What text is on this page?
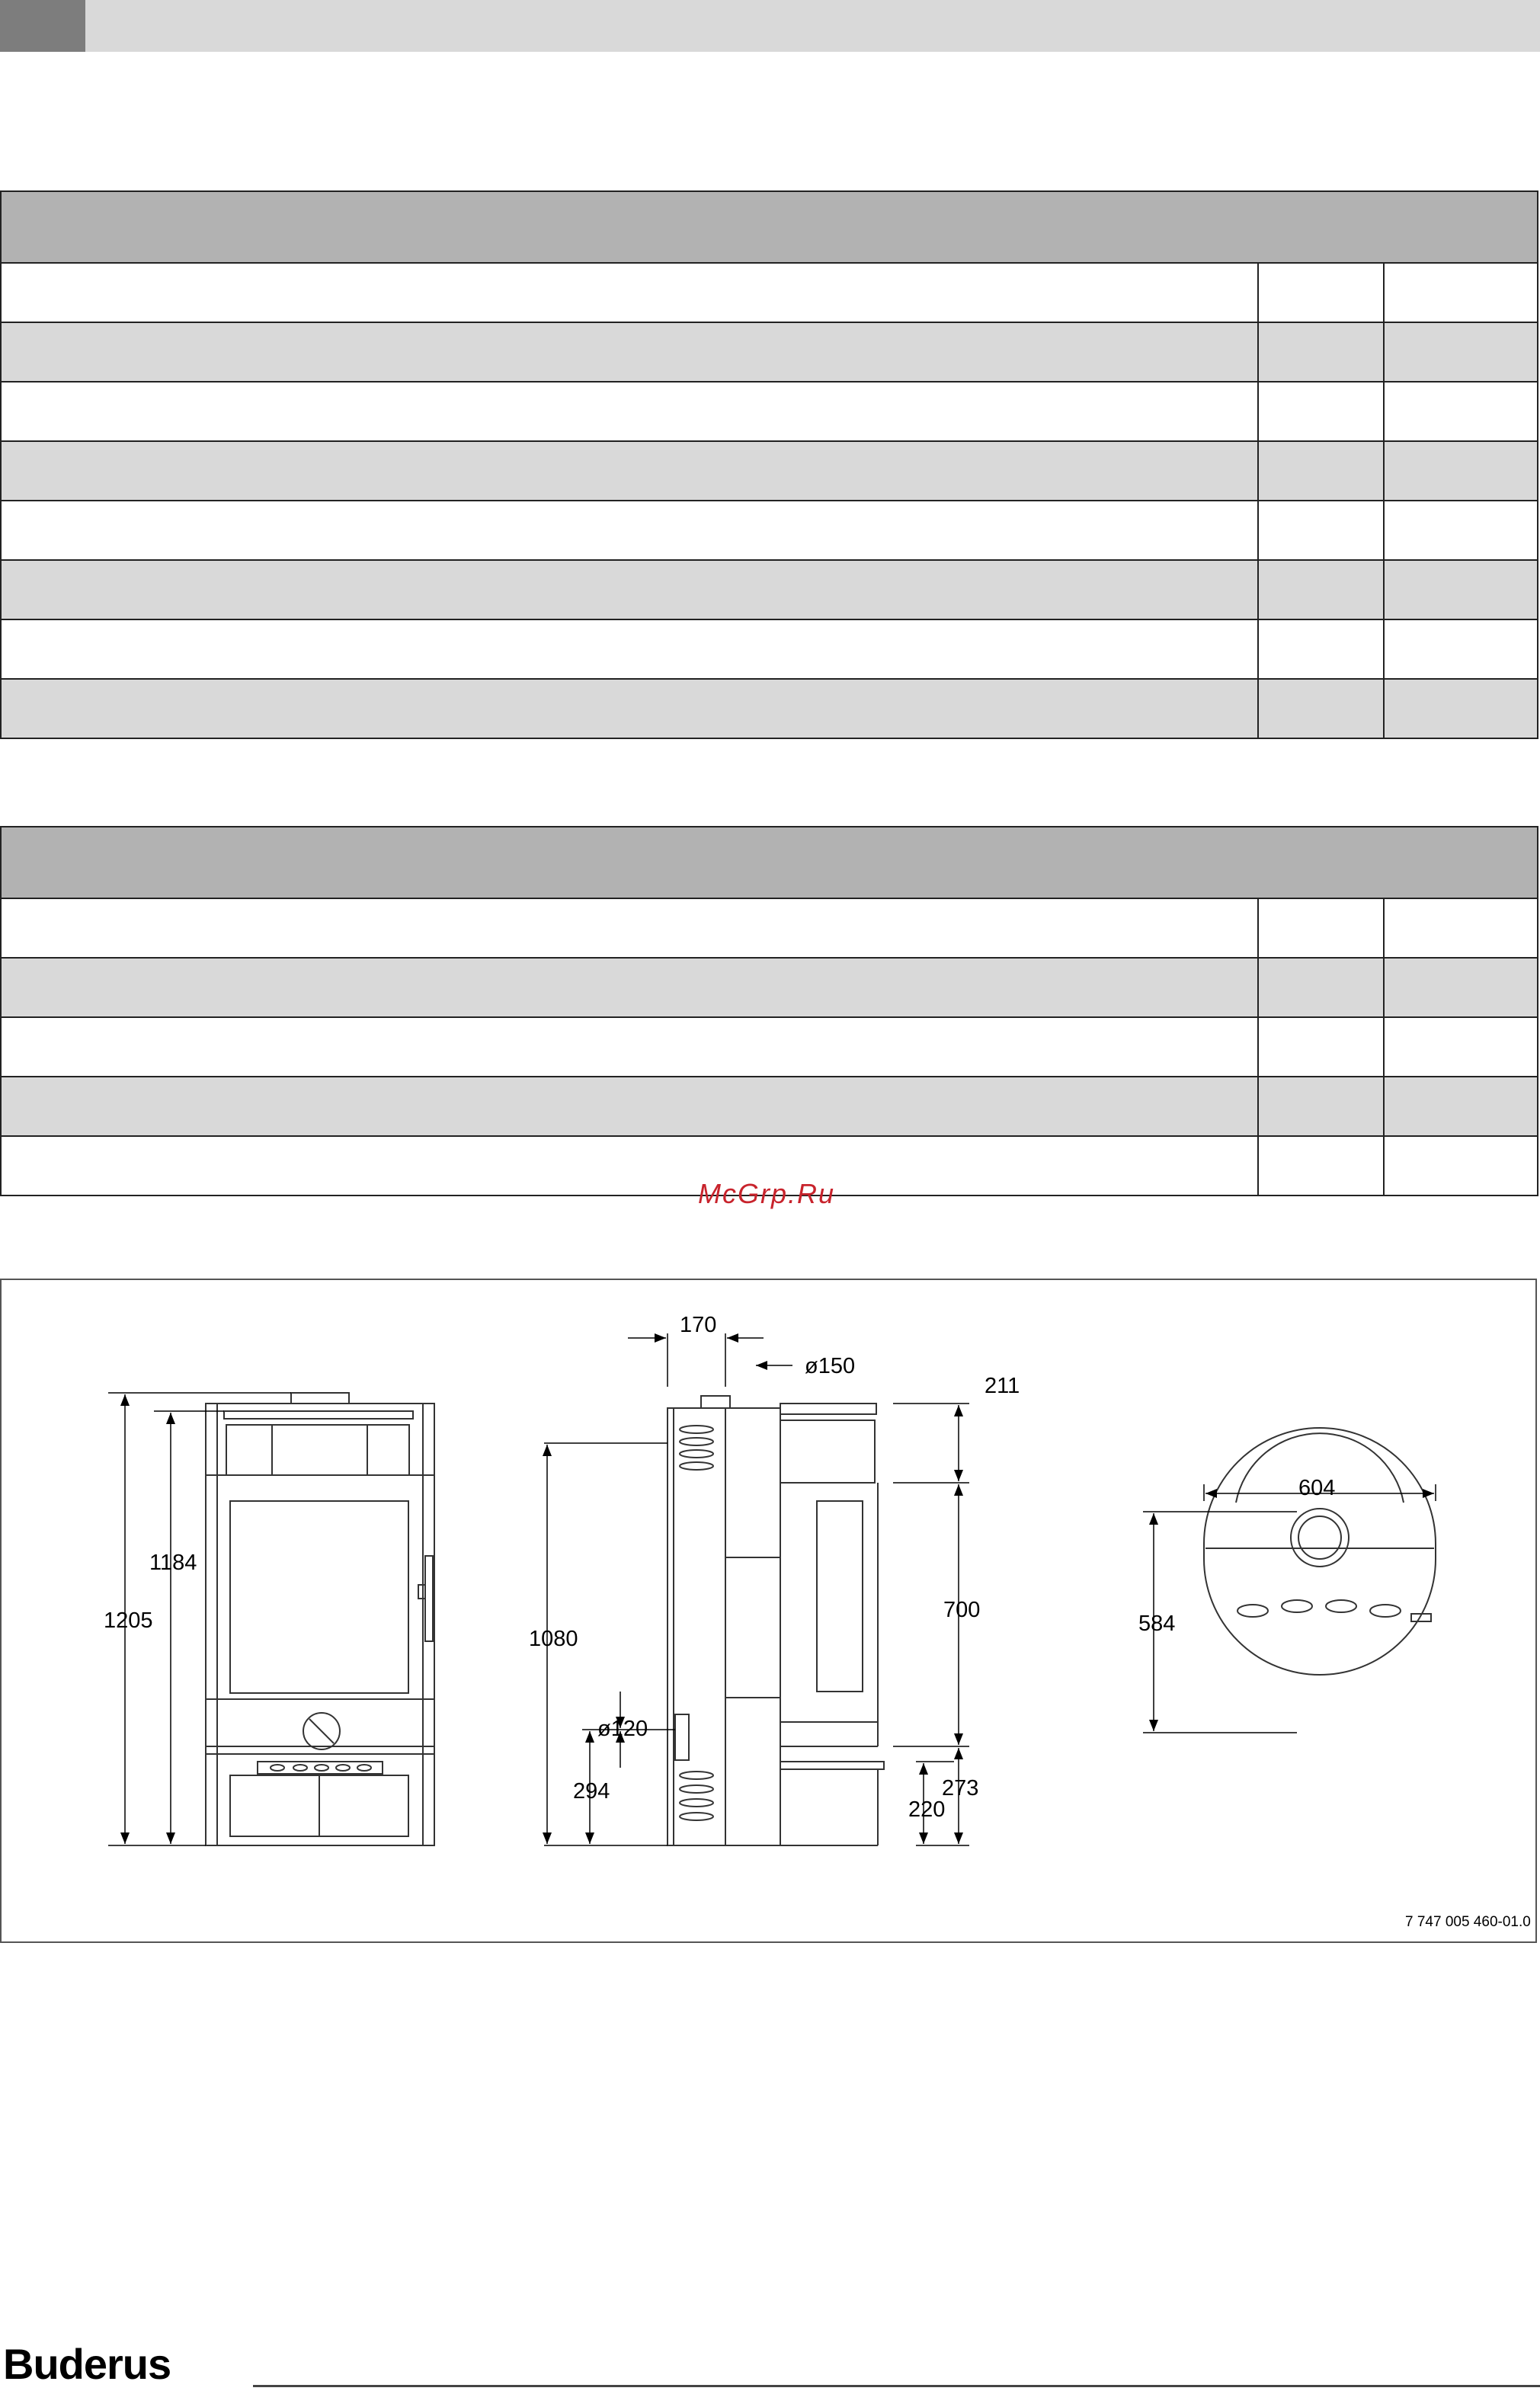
McGrp.Ru
1205
1184
170
ø150
211
1080
700
ø120
294	273
220
604
584
7 747 005 460-01.0
Buderus
